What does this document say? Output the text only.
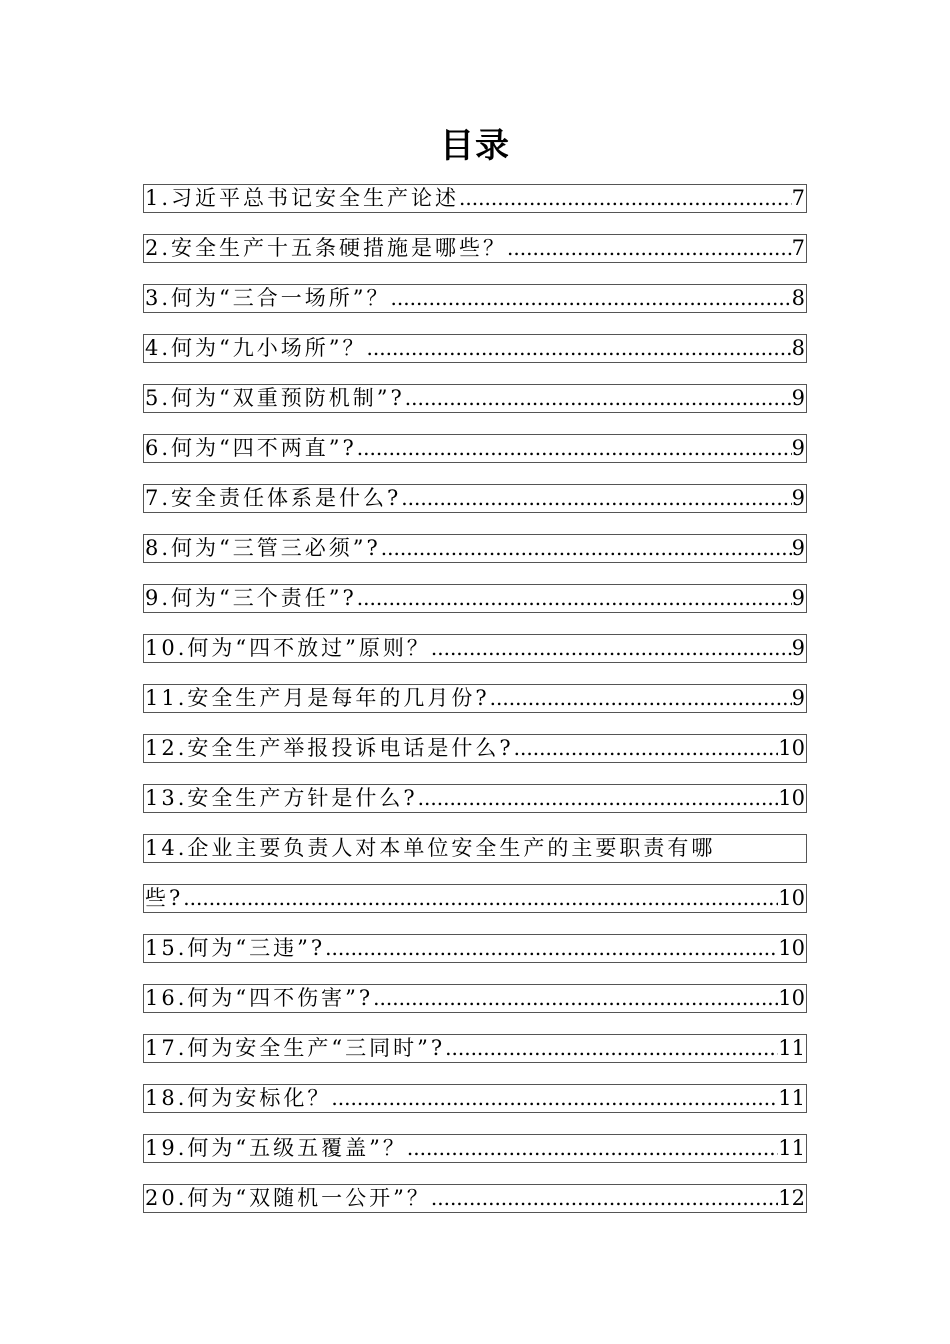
目录
1.习近平总书记安全生产论述 .....	7
2.安全生产十五条硬措施是哪些？ .....	7
3.何为“三合一场所”？ .....	8
4.何为“九小场所”？ .....	8
5.何为“双重预防机制”? .....	9
6.何为“四不两直”? .....	9
7.安全责任体系是什么? .....	9
8.何为“三管三必须”? .....	9
9.何为“三个责任”? .....	9
10.何为“四不放过”原则？ .....	9
11.安全生产月是每年的几月份? .....	9
12.安全生产举报投诉电话是什么? .....	10
13.安全生产方针是什么? .....	10
14.企业主要负责人对本单位安全生产的主要职责有哪
些? .....	10
15.何为“三违”? .....	10
16.何为“四不伤害”? .....	10
17.何为安全生产“三同时”? .....	11
18.何为安标化？ .....	11
19.何为“五级五覆盖”？ .....	11
20.何为“双随机一公开”？ .....	12
